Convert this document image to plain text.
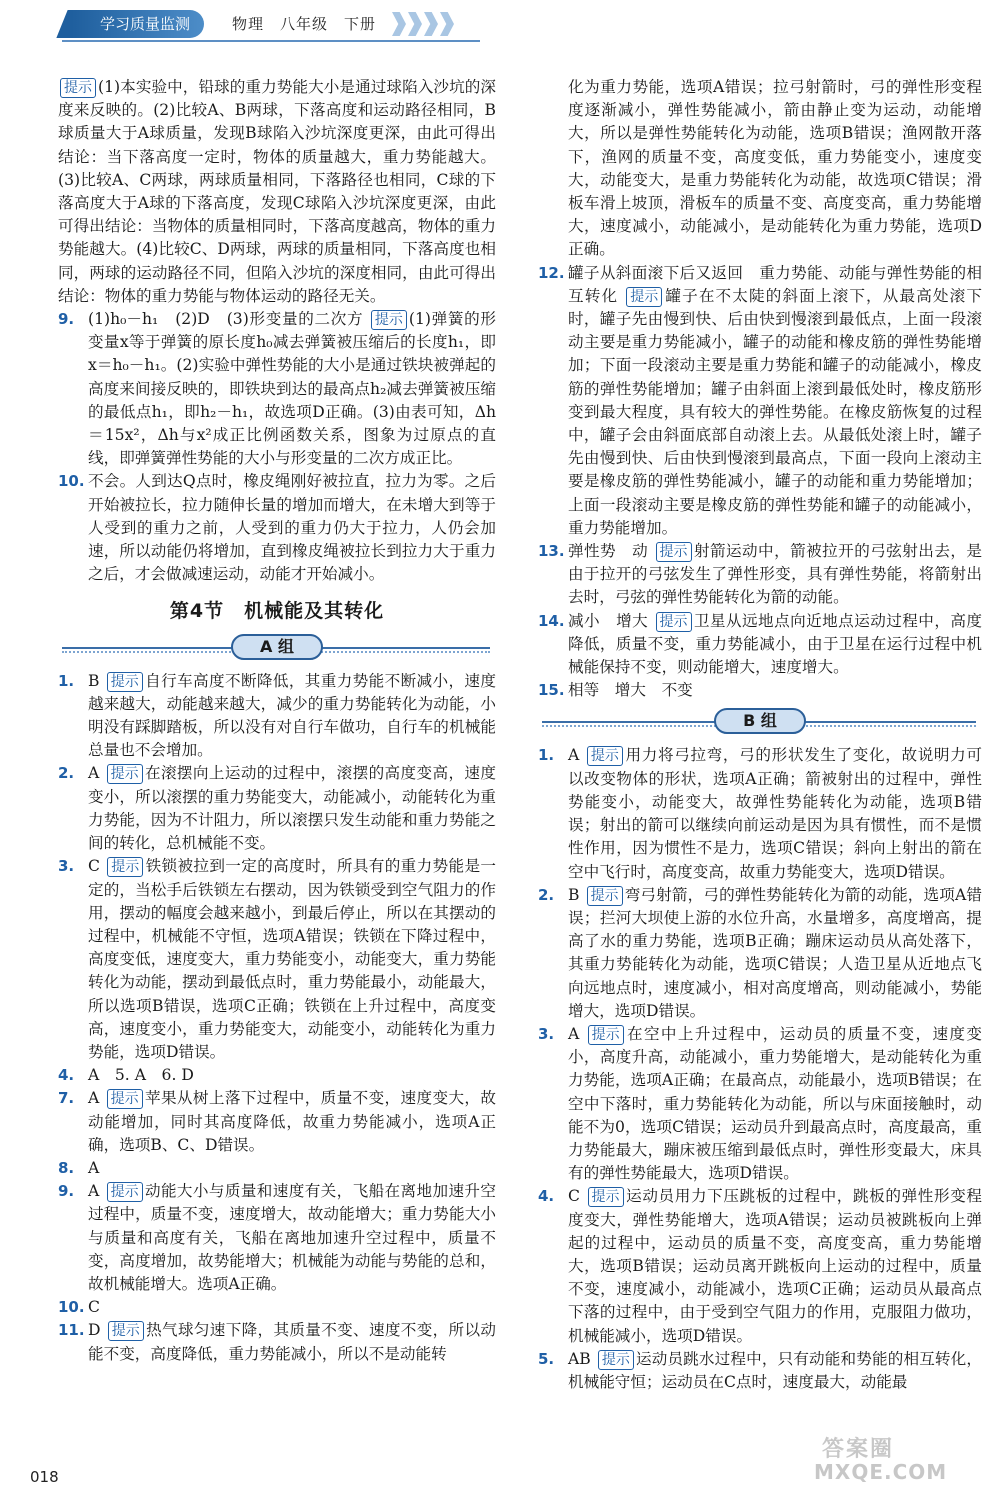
学习质量监测	物理　八年级　下册

提示 (1)本实验中，铅球的重力势能大小是通过球陷入沙坑的深度来反映的。(2)比较A、B两球，下落高度和运动路径相同，B球质量大于A球质量，发现B球陷入沙坑深度更深，由此可得出结论：当下落高度一定时，物体的质量越大，重力势能越大。(3)比较A、C两球，两球质量相同，下落路径也相同，C球的下落高度大于A球的下落高度，发现C球陷入沙坑深度更深，由此可得出结论：当物体的质量相同时，下落高度越高，物体的重力势能越大。(4)比较C、D两球，两球的质量相同，下落高度也相同，两球的运动路径不同，但陷入沙坑的深度相同，由此可得出结论：物体的重力势能与物体运动的路径无关。

9. (1)h₀－h₁　(2)D　(3)形变量的二次方 提示 (1)弹簧的形变量x等于弹簧的原长度h₀减去弹簧被压缩后的长度h₁，即x＝h₀－h₁。(2)实验中弹性势能的大小是通过铁块被弹起的高度来间接反映的，即铁块到达的最高点h₂减去弹簧被压缩的最低点h₁，即h₂－h₁，故选项D正确。(3)由表可知，Δh＝15x²，Δh与x²成正比例函数关系，图象为过原点的直线，即弹簧弹性势能的大小与形变量的二次方成正比。
10. 不会。人到达Q点时，橡皮绳刚好被拉直，拉力为零。之后开始被拉长，拉力随伸长量的增加而增大，在未增大到等于人受到的重力之前，人受到的重力仍大于拉力，人仍会加速，所以动能仍将增加，直到橡皮绳被拉长到拉力大于重力之后，才会做减速运动，动能才开始减小。
第4节　机械能及其转化
A 组
1. B 提示 自行车高度不断降低，其重力势能不断减小，速度越来越大，动能越来越大，减少的重力势能转化为动能，小明没有踩脚踏板，所以没有对自行车做功，自行车的机械能总量也不会增加。
2. A 提示 在滚摆向上运动的过程中，滚摆的高度变高，速度变小，所以滚摆的重力势能变大，动能减小，动能转化为重力势能，因为不计阻力，所以滚摆只发生动能和重力势能之间的转化，总机械能不变。
3. C 提示 铁锁被拉到一定的高度时，所具有的重力势能是一定的，当松手后铁锁左右摆动，因为铁锁受到空气阻力的作用，摆动的幅度会越来越小，到最后停止，所以在其摆动的过程中，机械能不守恒，选项A错误；铁锁在下降过程中，高度变低，速度变大，重力势能变小，动能变大，重力势能转化为动能，摆动到最低点时，重力势能最小，动能最大，所以选项B错误，选项C正确；铁锁在上升过程中，高度变高，速度变小，重力势能变大，动能变小，动能转化为重力势能，选项D错误。
4. A　5. A　6. D
7. A 提示 苹果从树上落下过程中，质量不变，速度变大，故动能增加，同时其高度降低，故重力势能减小，选项A正确，选项B、C、D错误。
8. A
9. A 提示 动能大小与质量和速度有关，飞船在离地加速升空过程中，质量不变，速度增大，故动能增大；重力势能大小与质量和高度有关，飞船在离地加速升空过程中，质量不变，高度增加，故势能增大；机械能为动能与势能的总和，故机械能增大。选项A正确。
10. C
11. D 提示 热气球匀速下降，其质量不变、速度不变，所以动能不变，高度降低，重力势能减小，所以不是动能转

化为重力势能，选项A错误；拉弓射箭时，弓的弹性形变程度逐渐减小，弹性势能减小，箭由静止变为运动，动能增大，所以是弹性势能转化为动能，选项B错误；渔网散开落下，渔网的质量不变，高度变低，重力势能变小，速度变大，动能变大，是重力势能转化为动能，故选项C错误；滑板车滑上坡顶，滑板车的质量不变、高度变高，重力势能增大，速度减小，动能减小，是动能转化为重力势能，选项D正确。

12. 罐子从斜面滚下后又返回　重力势能、动能与弹性势能的相互转化 提示 罐子在不太陡的斜面上滚下，从最高处滚下时，罐子先由慢到快、后由快到慢滚到最低点，上面一段滚动主要是重力势能减小，罐子的动能和橡皮筋的弹性势能增加；下面一段滚动主要是重力势能和罐子的动能减小，橡皮筋的弹性势能增加；罐子由斜面上滚到最低处时，橡皮筋形变到最大程度，具有较大的弹性势能。在橡皮筋恢复的过程中，罐子会由斜面底部自动滚上去。从最低处滚上时，罐子先由慢到快、后由快到慢滚到最高点，下面一段向上滚动主要是橡皮筋的弹性势能减小，罐子的动能和重力势能增加；上面一段滚动主要是橡皮筋的弹性势能和罐子的动能减小，重力势能增加。
13. 弹性势　动 提示 射箭运动中，箭被拉开的弓弦射出去，是由于拉开的弓弦发生了弹性形变，具有弹性势能，将箭射出去时，弓弦的弹性势能转化为箭的动能。
14. 减小　增大 提示 卫星从远地点向近地点运动过程中，高度降低，质量不变，重力势能减小，由于卫星在运行过程中机械能保持不变，则动能增大，速度增大。
15. 相等　增大　不变
B 组
1. A 提示 用力将弓拉弯，弓的形状发生了变化，故说明力可以改变物体的形状，选项A正确；箭被射出的过程中，弹性势能变小，动能变大，故弹性势能转化为动能，选项B错误；射出的箭可以继续向前运动是因为具有惯性，而不是惯性作用，因为惯性不是力，选项C错误；斜向上射出的箭在空中飞行时，高度变高，故重力势能变大，选项D错误。
2. B 提示 弯弓射箭，弓的弹性势能转化为箭的动能，选项A错误；拦河大坝使上游的水位升高，水量增多，高度增高，提高了水的重力势能，选项B正确；蹦床运动员从高处落下，其重力势能转化为动能，选项C错误；人造卫星从近地点飞向远地点时，速度减小，相对高度增高，则动能减小，势能增大，选项D错误。
3. A 提示 在空中上升过程中，运动员的质量不变，速度变小，高度升高，动能减小，重力势能增大，是动能转化为重力势能，选项A正确；在最高点，动能最小，选项B错误；在空中下落时，重力势能转化为动能，所以与床面接触时，动能不为0，选项C错误；运动员升到最高点时，高度最高，重力势能最大，蹦床被压缩到最低点时，弹性形变最大，床具有的弹性势能最大，选项D错误。
4. C 提示 运动员用力下压跳板的过程中，跳板的弹性形变程度变大，弹性势能增大，选项A错误；运动员被跳板向上弹起的过程中，运动员的质量不变，高度变高，重力势能增大，选项B错误；运动员离开跳板向上运动的过程中，质量不变，速度减小，动能减小，选项C正确；运动员从最高点下落的过程中，由于受到空气阻力的作用，克服阻力做功，机械能减小，选项D错误。
5. AB 提示 运动员跳水过程中，只有动能和势能的相互转化，机械能守恒；运动员在C点时，速度最大，动能最
018
答案圈
MXQE.COM
